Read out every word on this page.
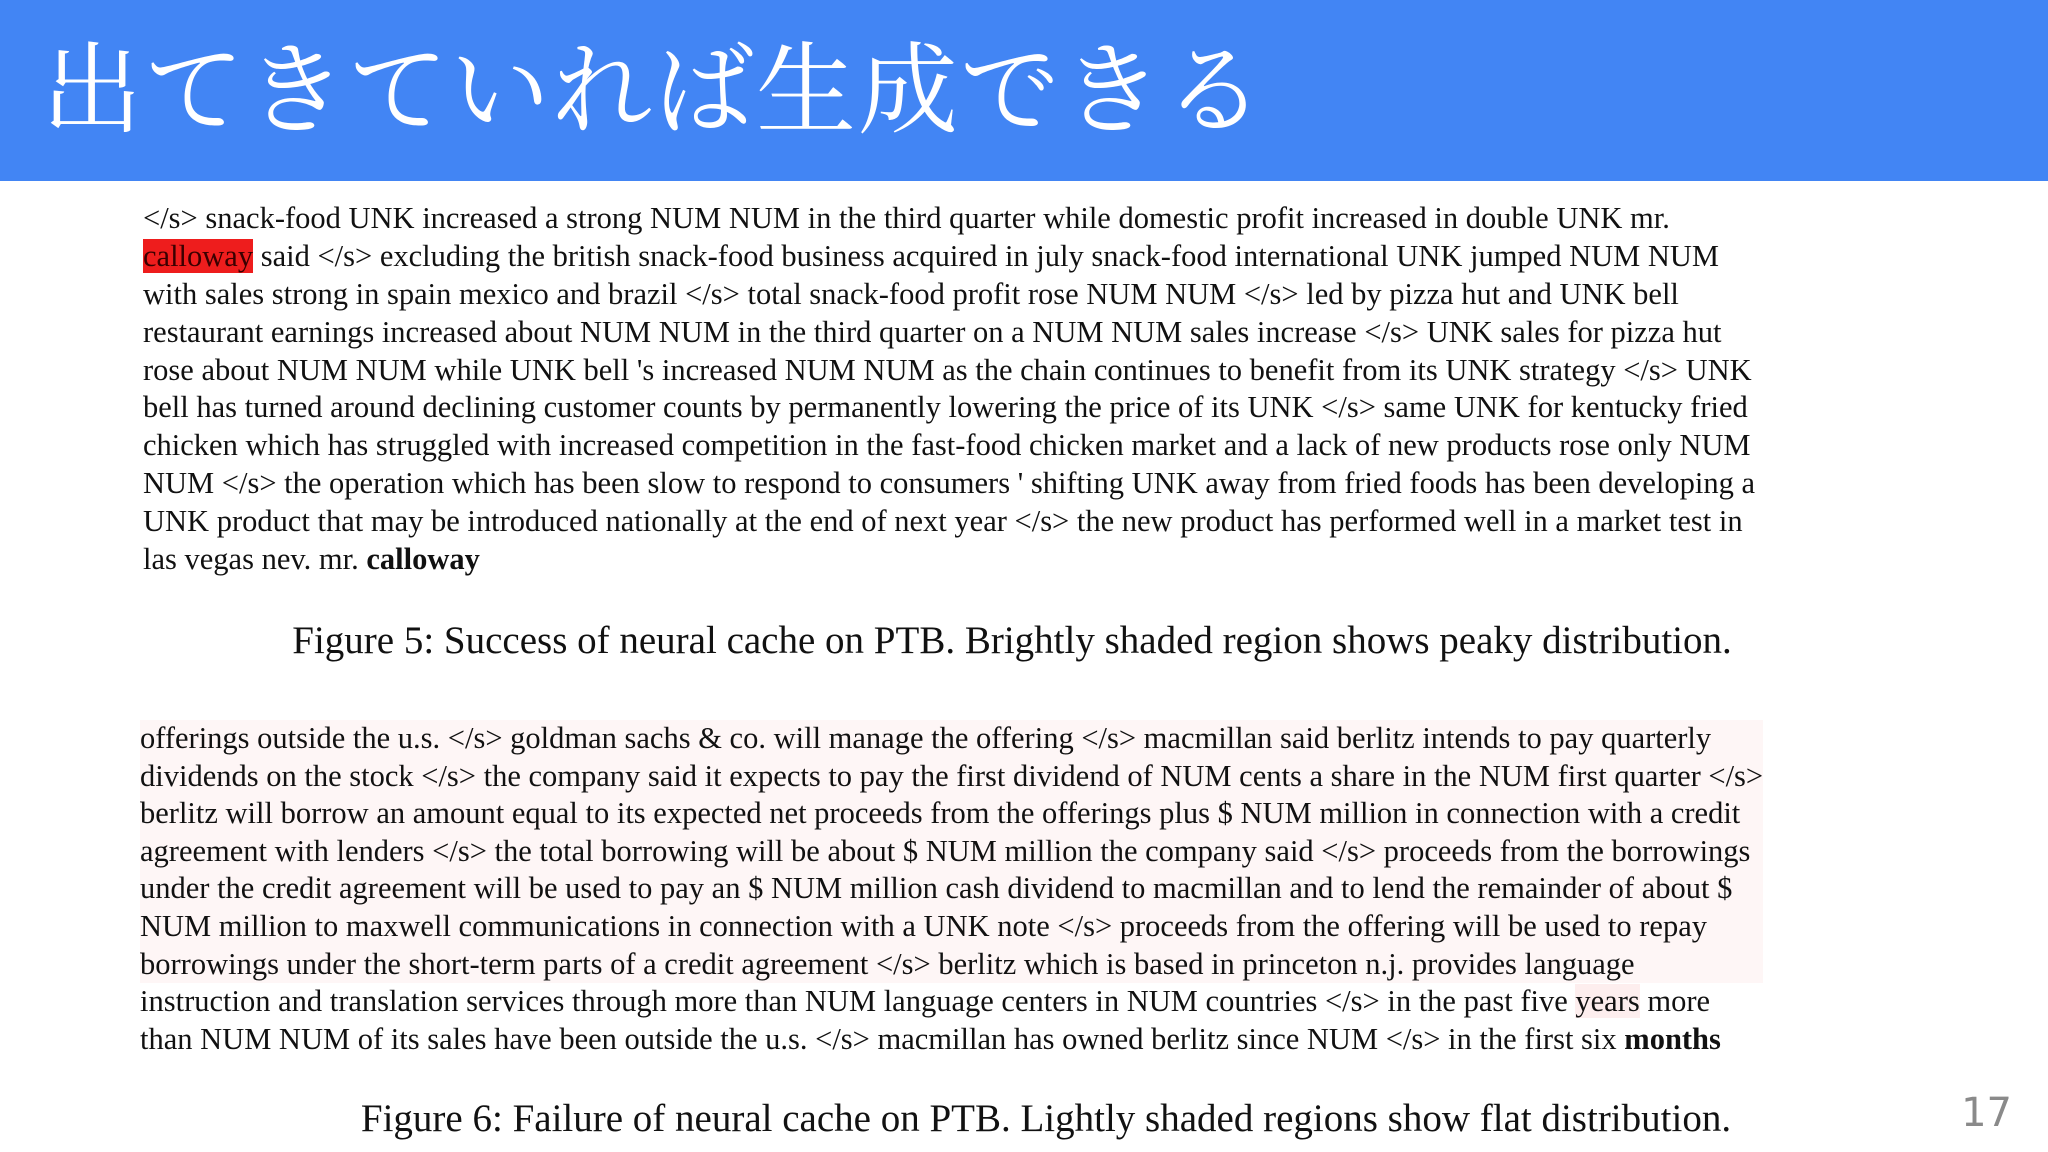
出てきていれば生成できる
</s> snack-food UNK increased a strong NUM NUM in the third quarter while domestic profit increased in double UNK mr.
calloway said </s> excluding the british snack-food business acquired in july snack-food international UNK jumped NUM NUM
with sales strong in spain mexico and brazil </s> total snack-food profit rose NUM NUM </s> led by pizza hut and UNK bell
restaurant earnings increased about NUM NUM in the third quarter on a NUM NUM sales increase </s> UNK sales for pizza hut
rose about NUM NUM while UNK bell 's increased NUM NUM as the chain continues to benefit from its UNK strategy </s> UNK
bell has turned around declining customer counts by permanently lowering the price of its UNK </s> same UNK for kentucky fried
chicken which has struggled with increased competition in the fast-food chicken market and a lack of new products rose only NUM
NUM </s> the operation which has been slow to respond to consumers ' shifting UNK away from fried foods has been developing a
UNK product that may be introduced nationally at the end of next year </s> the new product has performed well in a market test in
las vegas nev. mr. calloway
Figure 5: Success of neural cache on PTB. Brightly shaded region shows peaky distribution.
offerings outside the u.s. </s> goldman sachs & co. will manage the offering </s> macmillan said berlitz intends to pay quarterly
dividends on the stock </s> the company said it expects to pay the first dividend of NUM cents a share in the NUM first quarter </s>
berlitz will borrow an amount equal to its expected net proceeds from the offerings plus $ NUM million in connection with a credit
agreement with lenders </s> the total borrowing will be about $ NUM million the company said </s> proceeds from the borrowings
under the credit agreement will be used to pay an $ NUM million cash dividend to macmillan and to lend the remainder of about $
NUM million to maxwell communications in connection with a UNK note </s> proceeds from the offering will be used to repay
borrowings under the short-term parts of a credit agreement </s> berlitz which is based in princeton n.j. provides language
instruction and translation services through more than NUM language centers in NUM countries </s> in the past five years more
than NUM NUM of its sales have been outside the u.s. </s> macmillan has owned berlitz since NUM </s> in the first six months
Figure 6: Failure of neural cache on PTB. Lightly shaded regions show flat distribution.	17
